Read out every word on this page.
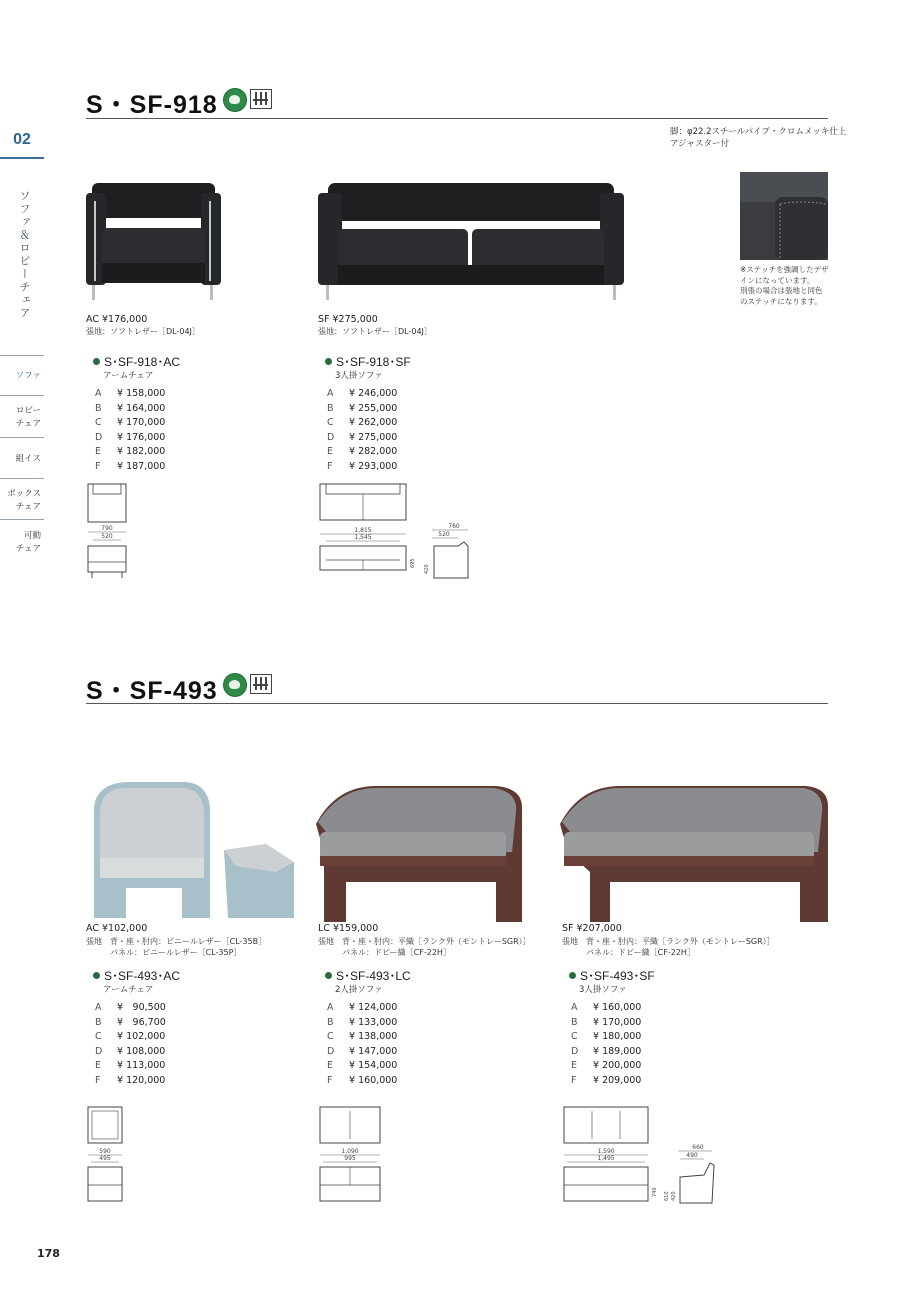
02
ソファ＆ロビーチェア
ソファ
ロビー
チェア
組イス
ボックス
チェア
可動
チェア
S・SF-918
脚：φ22.2スチールパイプ・クロムメッキ仕上
アジャスター付
※ステッチを強調したデザ
インになっています。
別張の場合は張地と同色
のステッチになります。
AC ¥176,000
張地：ソフトレザー［DL-04J］
S･SF-918･AC
アームチェア
A ¥ 158,000
B ¥ 164,000
C ¥ 170,000
D ¥ 176,000
E ¥ 182,000
F ¥ 187,000
SF ¥275,000
張地：ソフトレザー［DL-04J］
S･SF-918･SF
3人掛ソファ
A ¥ 246,000
B ¥ 255,000
C ¥ 262,000
D ¥ 275,000
E ¥ 282,000
F ¥ 293,000
790
520
1,815
1,545
695
420
760
520
S・SF-493
AC ¥102,000
張地　背・座・肘内：ビニールレザー［CL-35B］
　　　パネル：ビニールレザー［CL-35P］
S･SF-493･AC
アームチェア
A ¥　90,500
B ¥　96,700
C ¥ 102,000
D ¥ 108,000
E ¥ 113,000
F ¥ 120,000
LC ¥159,000
張地　背・座・肘内：平織［ランク外（モントレーSGR）］
　　　パネル：ドビー織［CF-22H］
S･SF-493･LC
2人掛ソファ
A ¥ 124,000
B ¥ 133,000
C ¥ 138,000
D ¥ 147,000
E ¥ 154,000
F ¥ 160,000
SF ¥207,000
張地　背・座・肘内：平織［ランク外（モントレーSGR）］
　　　パネル：ドビー織［CF-22H］
S･SF-493･SF
3人掛ソファ
A ¥ 160,000
B ¥ 170,000
C ¥ 180,000
D ¥ 189,000
E ¥ 200,000
F ¥ 209,000
590
495
1,090
995
1,590
1,495
740 610 420
660
490
178
